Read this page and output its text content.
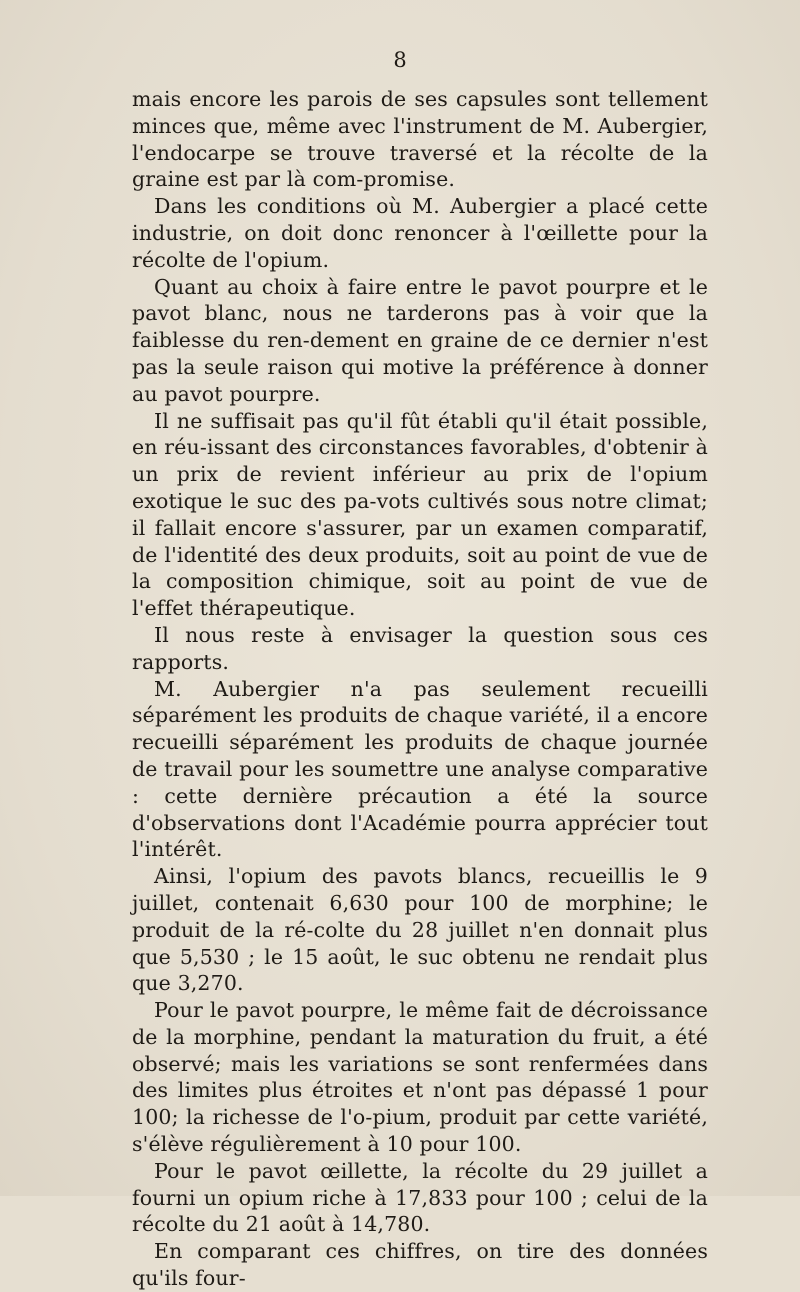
8

mais encore les parois de ses capsules sont tellement minces que, même avec l'instrument de M. Aubergier, l'endocarpe se trouve traversé et la récolte de la graine est par là com-promise.

Dans les conditions où M. Aubergier a placé cette industrie, on doit donc renoncer à l'œillette pour la récolte de l'opium.

Quant au choix à faire entre le pavot pourpre et le pavot blanc, nous ne tarderons pas à voir que la faiblesse du ren-dement en graine de ce dernier n'est pas la seule raison qui motive la préférence à donner au pavot pourpre.

Il ne suffisait pas qu'il fût établi qu'il était possible, en réu-issant des circonstances favorables, d'obtenir à un prix de revient inférieur au prix de l'opium exotique le suc des pa-vots cultivés sous notre climat; il fallait encore s'assurer, par un examen comparatif, de l'identité des deux produits, soit au point de vue de la composition chimique, soit au point de vue de l'effet thérapeutique.

Il nous reste à envisager la question sous ces rapports.

M. Aubergier n'a pas seulement recueilli séparément les produits de chaque variété, il a encore recueilli séparément les produits de chaque journée de travail pour les soumettre une analyse comparative : cette dernière précaution a été la source d'observations dont l'Académie pourra apprécier tout l'intérêt.

Ainsi, l'opium des pavots blancs, recueillis le 9 juillet, contenait 6,630 pour 100 de morphine; le produit de la ré-colte du 28 juillet n'en donnait plus que 5,530 ; le 15 août, le suc obtenu ne rendait plus que 3,270.

Pour le pavot pourpre, le même fait de décroissance de la morphine, pendant la maturation du fruit, a été observé; mais les variations se sont renfermées dans des limites plus étroites et n'ont pas dépassé 1 pour 100; la richesse de l'o-pium, produit par cette variété, s'élève régulièrement à 10 pour 100.

Pour le pavot œillette, la récolte du 29 juillet a fourni un opium riche à 17,833 pour 100 ; celui de la récolte du 21 août à 14,780.

En comparant ces chiffres, on tire des données qu'ils four-
